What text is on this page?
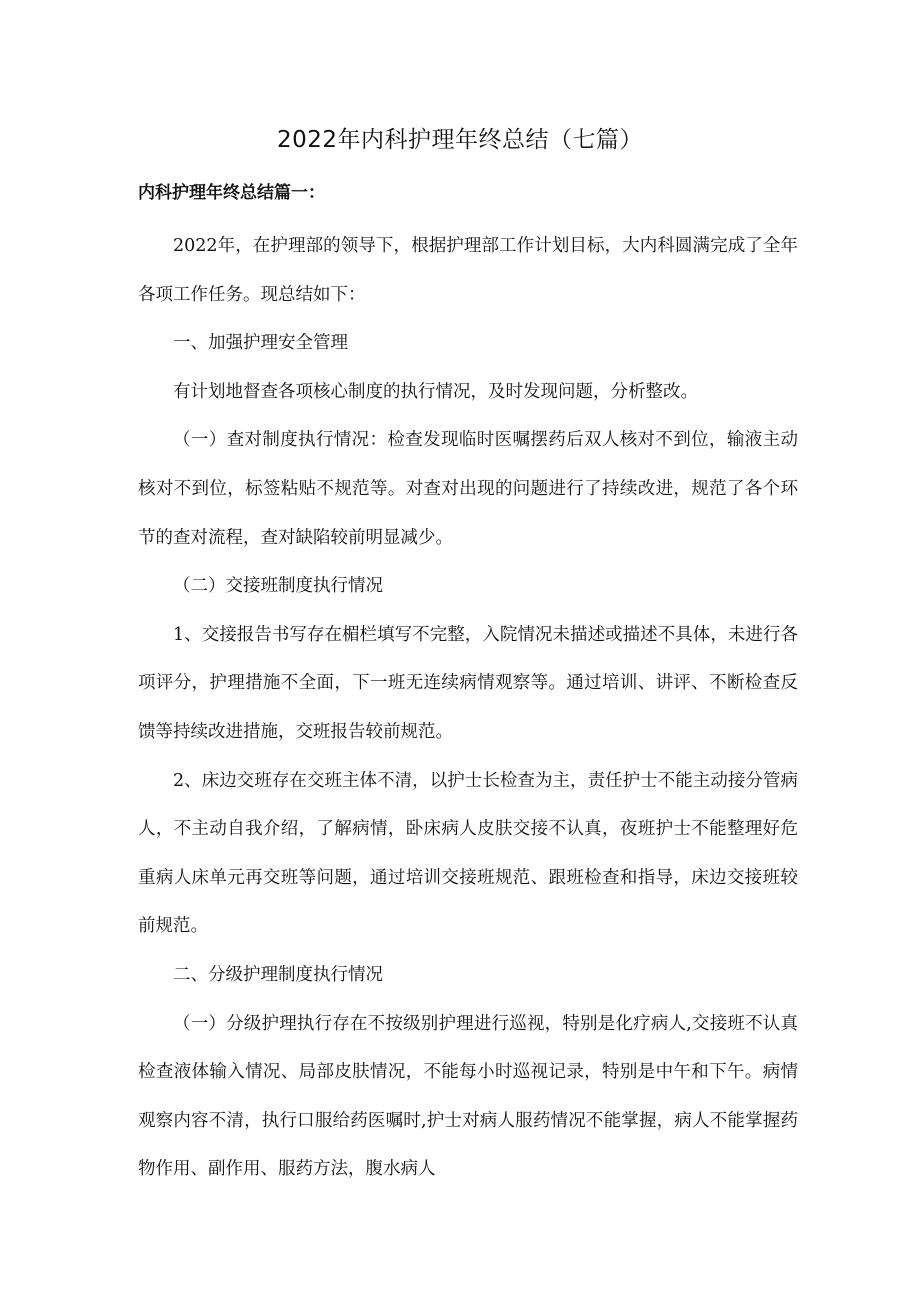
2022年内科护理年终总结（七篇）
内科护理年终总结篇一：

2022年，在护理部的领导下，根据护理部工作计划目标，大内科圆满完成了全年各项工作任务。现总结如下：

一、加强护理安全管理

有计划地督查各项核心制度的执行情况，及时发现问题，分析整改。

（一）查对制度执行情况：检查发现临时医嘱摆药后双人核对不到位，输液主动核对不到位，标签粘贴不规范等。对查对出现的问题进行了持续改进，规范了各个环节的查对流程，查对缺陷较前明显减少。

（二）交接班制度执行情况

1、交接报告书写存在楣栏填写不完整，入院情况未描述或描述不具体，未进行各项评分，护理措施不全面，下一班无连续病情观察等。通过培训、讲评、不断检查反馈等持续改进措施，交班报告较前规范。

2、床边交班存在交班主体不清，以护士长检查为主，责任护士不能主动接分管病人，不主动自我介绍，了解病情，卧床病人皮肤交接不认真，夜班护士不能整理好危重病人床单元再交班等问题，通过培训交接班规范、跟班检查和指导，床边交接班较前规范。

二、分级护理制度执行情况

（一）分级护理执行存在不按级别护理进行巡视，特别是化疗病人,交接班不认真检查液体输入情况、局部皮肤情况，不能每小时巡视记录，特别是中午和下午。病情观察内容不清，执行口服给药医嘱时,护士对病人服药情况不能掌握，病人不能掌握药物作用、副作用、服药方法，腹水病人
